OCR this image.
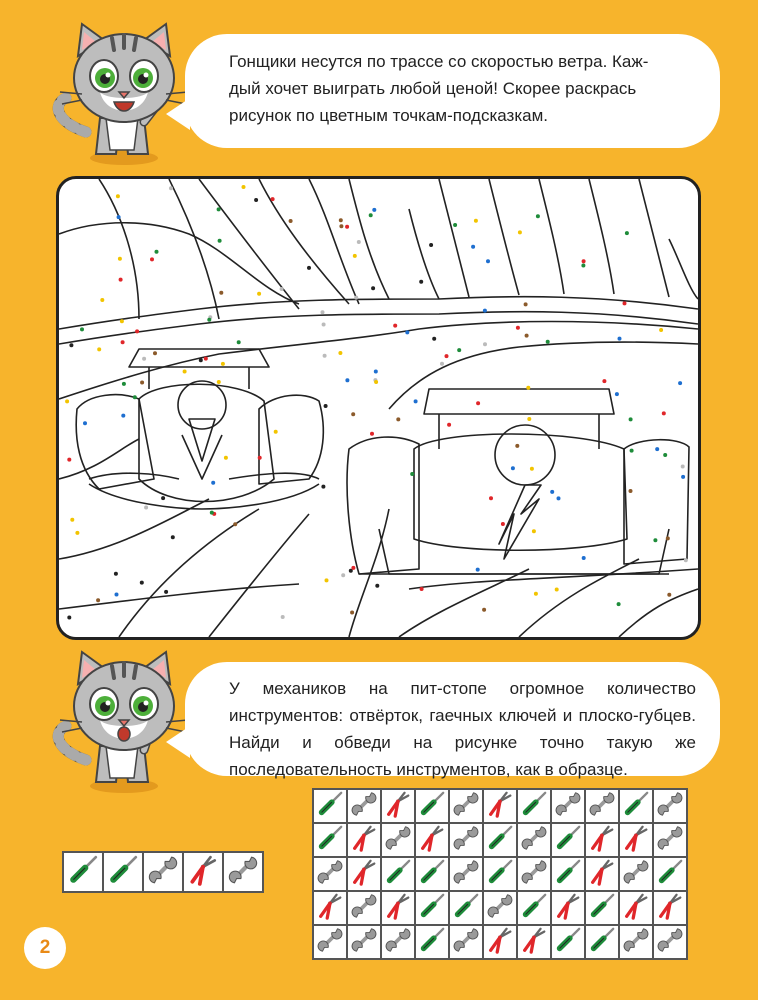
Гонщики несутся по трассе со скоростью ветра. Каж-
дый хочет выиграть любой ценой! Скорее раскрась
рисунок по цветным точкам-подсказкам.
У механиков на пит-стопе огромное количество инструментов: отвёрток, гаечных ключей и плоско-губцев. Найди и обведи на рисунке точно такую же последовательность инструментов, как в образце.
2
